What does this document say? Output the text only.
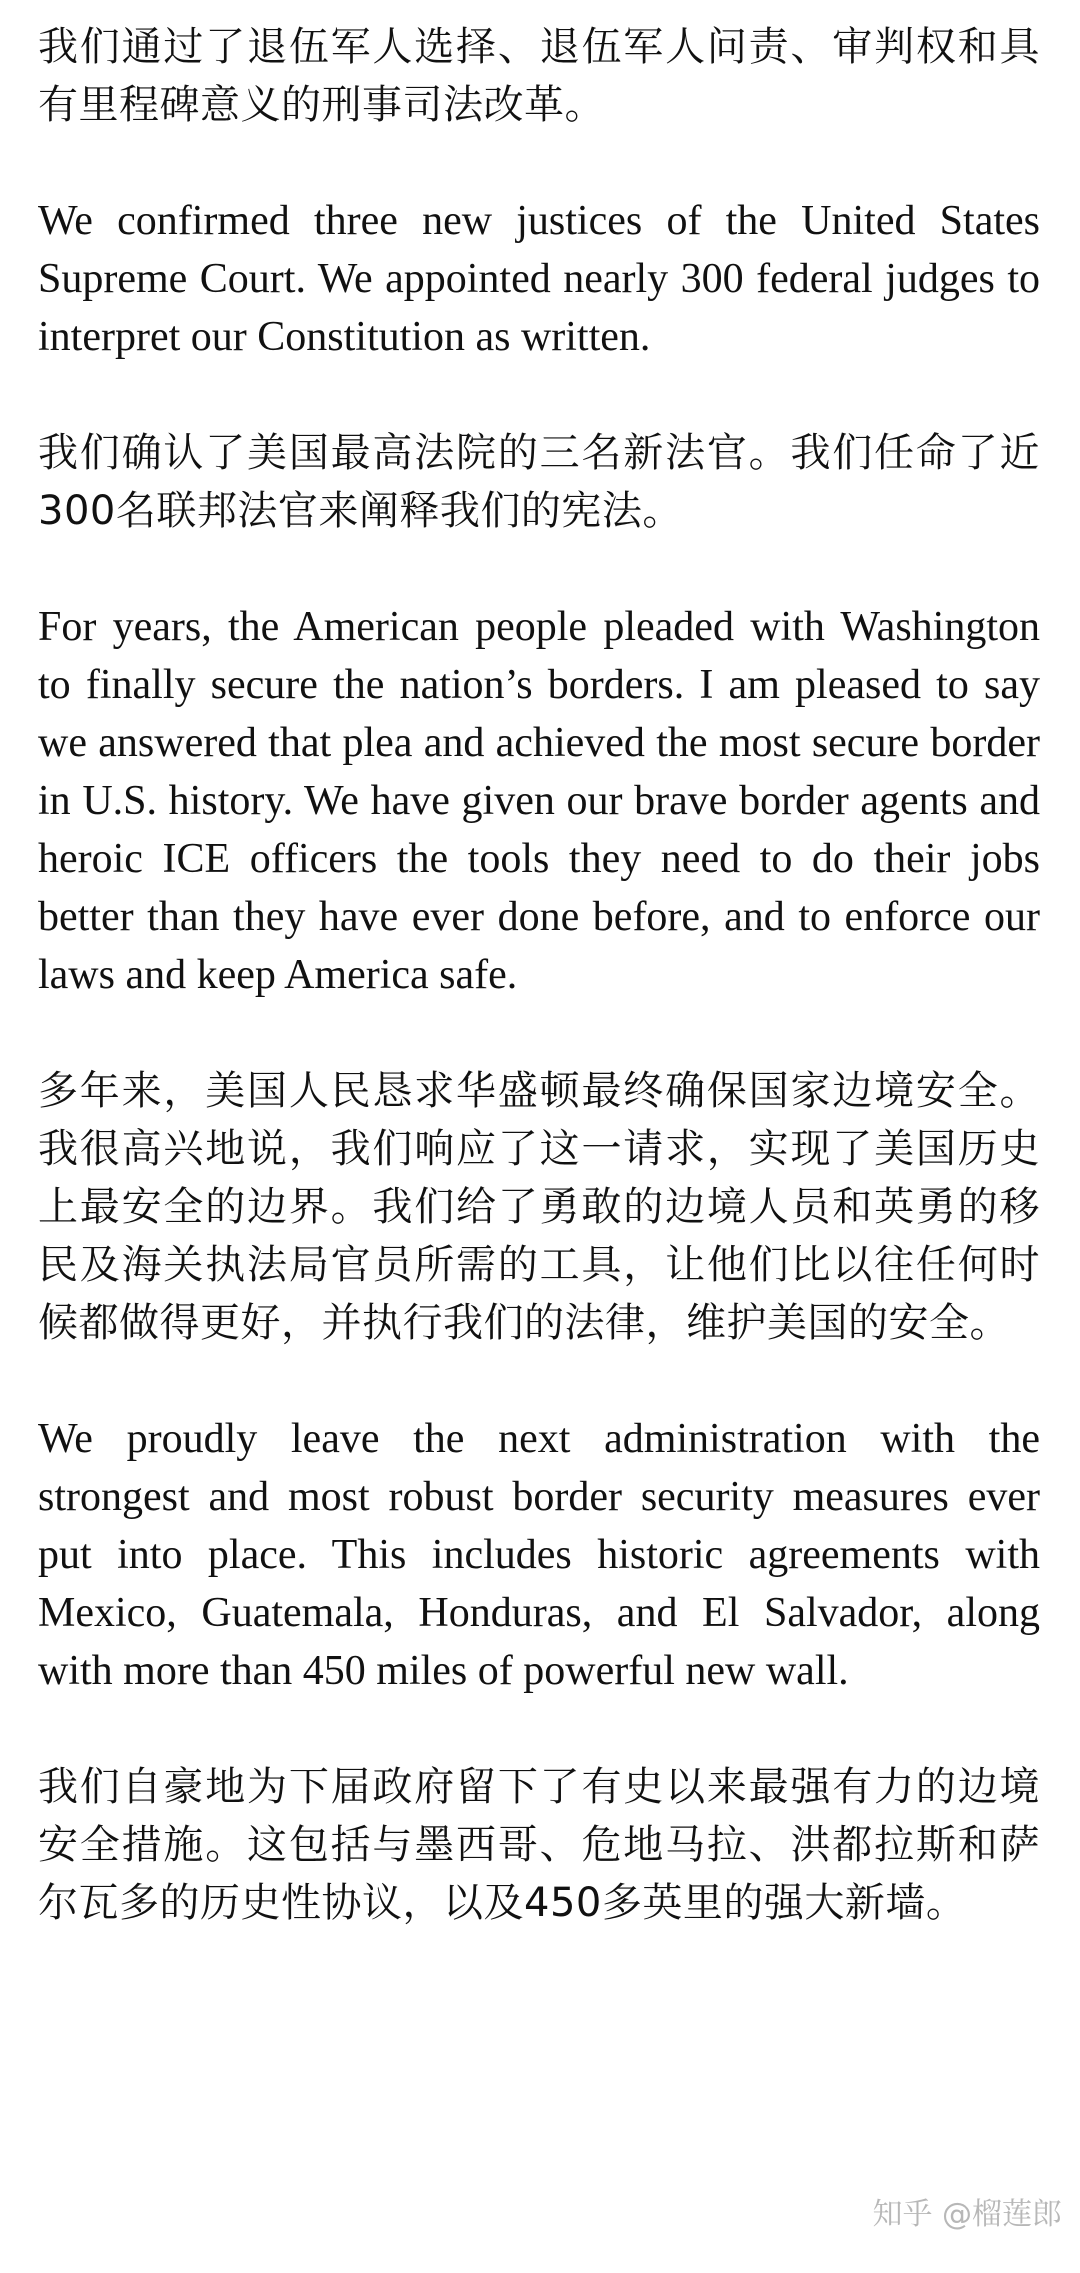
我们通过了退伍军人选择、退伍军人问责、审判权和具有里程碑意义的刑事司法改革。

We confirmed three new justices of the United States Supreme Court. We appointed nearly 300 federal judges to interpret our Constitution as written.

我们确认了美国最高法院的三名新法官。我们任命了近300名联邦法官来阐释我们的宪法。

For years, the American people pleaded with Washington to finally secure the nation’s borders. I am pleased to say we answered that plea and achieved the most secure border in U.S. history. We have given our brave border agents and heroic ICE officers the tools they need to do their jobs better than they have ever done before, and to enforce our laws and keep America safe.

多年来，美国人民恳求华盛顿最终确保国家边境安全。我很高兴地说，我们响应了这一请求，实现了美国历史上最安全的边界。我们给了勇敢的边境人员和英勇的移民及海关执法局官员所需的工具，让他们比以往任何时候都做得更好，并执行我们的法律，维护美国的安全。

We proudly leave the next administration with the strongest and most robust border security measures ever put into place. This includes historic agreements with Mexico, Guatemala, Honduras, and El Salvador, along with more than 450 miles of powerful new wall.

我们自豪地为下届政府留下了有史以来最强有力的边境安全措施。这包括与墨西哥、危地马拉、洪都拉斯和萨尔瓦多的历史性协议，以及450多英里的强大新墙。

知乎 @榴莲郎
